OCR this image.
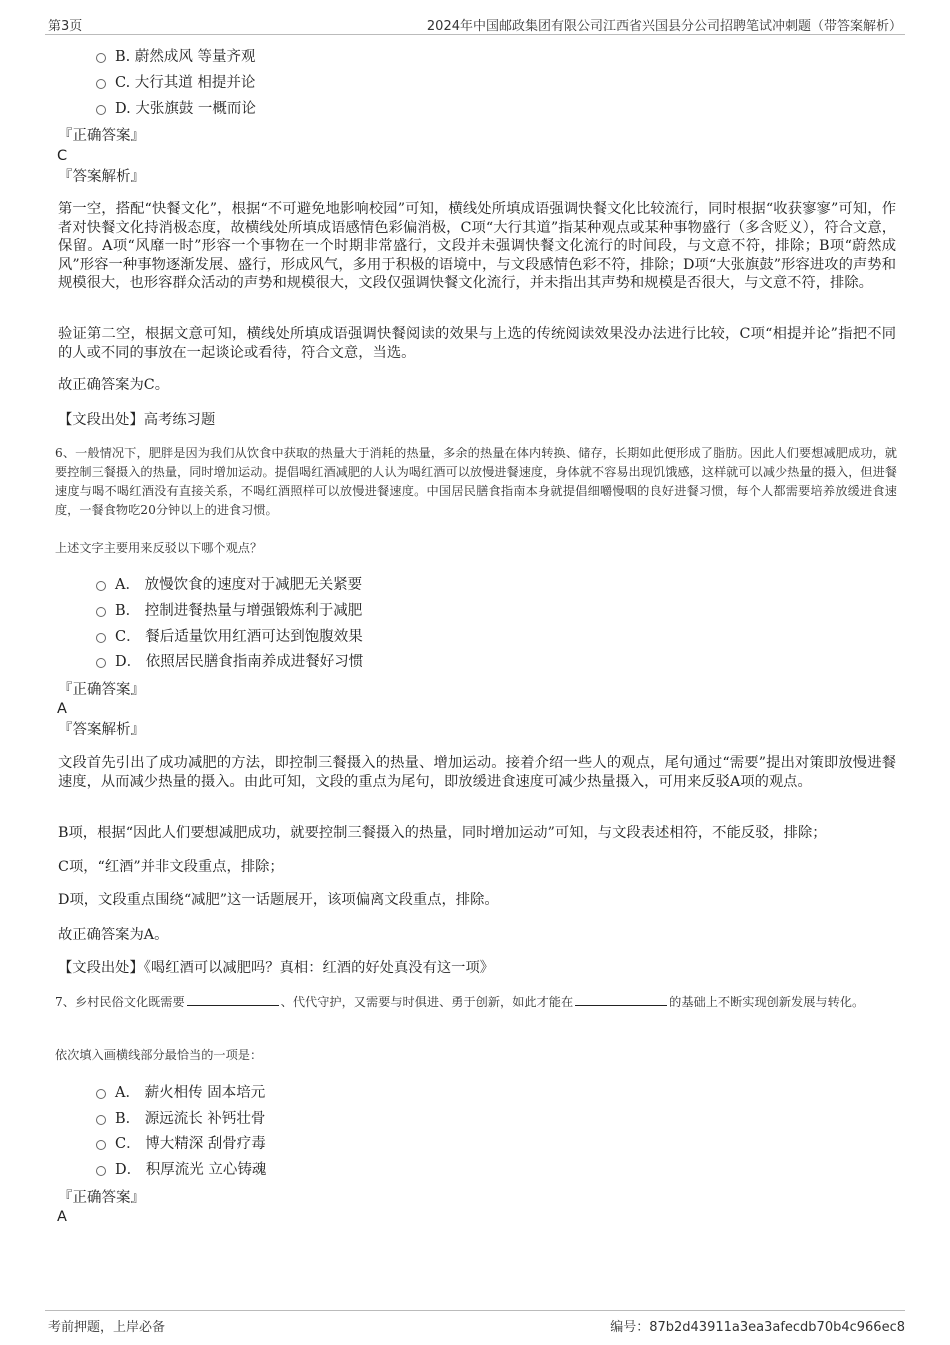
第3页	2024年中国邮政集团有限公司江西省兴国县分公司招聘笔试冲刺题（带答案解析）
B. 蔚然成风 等量齐观
C. 大行其道 相提并论
D. 大张旗鼓 一概而论
『正确答案』
C
『答案解析』
第一空，搭配“快餐文化”，根据“不可避免地影响校园”可知，横线处所填成语强调快餐文化比较流行，同时根据“收获寥寥”可知，作者对快餐文化持消极态度，故横线处所填成语感情色彩偏消极，C项“大行其道”指某种观点或某种事物盛行（多含贬义），符合文意，保留。A项“风靡一时”形容一个事物在一个时期非常盛行，文段并未强调快餐文化流行的时间段，与文意不符，排除；B项“蔚然成风”形容一种事物逐渐发展、盛行，形成风气，多用于积极的语境中，与文段感情色彩不符，排除；D项“大张旗鼓”形容进攻的声势和规模很大，也形容群众活动的声势和规模很大，文段仅强调快餐文化流行，并未指出其声势和规模是否很大，与文意不符，排除。
验证第二空，根据文意可知，横线处所填成语强调快餐阅读的效果与上选的传统阅读效果没办法进行比较，C项“相提并论”指把不同的人或不同的事放在一起谈论或看待，符合文意，当选。
故正确答案为C。
【文段出处】高考练习题
6、一般情况下，肥胖是因为我们从饮食中获取的热量大于消耗的热量，多余的热量在体内转换、储存，长期如此便形成了脂肪。因此人们要想减肥成功，就要控制三餐摄入的热量，同时增加运动。提倡喝红酒减肥的人认为喝红酒可以放慢进餐速度，身体就不容易出现饥饿感，这样就可以减少热量的摄入，但进餐速度与喝不喝红酒没有直接关系，不喝红酒照样可以放慢进餐速度。中国居民膳食指南本身就提倡细嚼慢咽的良好进餐习惯，每个人都需要培养放缓进食速度，一餐食物吃20分钟以上的进食习惯。
上述文字主要用来反驳以下哪个观点？
A． 放慢饮食的速度对于减肥无关紧要
B． 控制进餐热量与增强锻炼利于减肥
C． 餐后适量饮用红酒可达到饱腹效果
D． 依照居民膳食指南养成进餐好习惯
『正确答案』
A
『答案解析』
文段首先引出了成功减肥的方法，即控制三餐摄入的热量、增加运动。接着介绍一些人的观点，尾句通过“需要”提出对策即放慢进餐速度，从而减少热量的摄入。由此可知，文段的重点为尾句，即放缓进食速度可减少热量摄入，可用来反驳A项的观点。
B项，根据“因此人们要想减肥成功，就要控制三餐摄入的热量，同时增加运动”可知，与文段表述相符，不能反驳，排除；
C项，“红酒”并非文段重点，排除；
D项，文段重点围绕“减肥”这一话题展开，该项偏离文段重点，排除。
故正确答案为A。
【文段出处】《喝红酒可以减肥吗？真相：红酒的好处真没有这一项》
7、乡村民俗文化既需要	、代代守护，又需要与时俱进、勇于创新，如此才能在	的基础上不断实现创新发展与转化。
依次填入画横线部分最恰当的一项是：
A． 薪火相传 固本培元
B． 源远流长 补钙壮骨
C． 博大精深 刮骨疗毒
D． 积厚流光 立心铸魂
『正确答案』
A
考前押题，上岸必备	编号：87b2d43911a3ea3afecdb70b4c966ec8
